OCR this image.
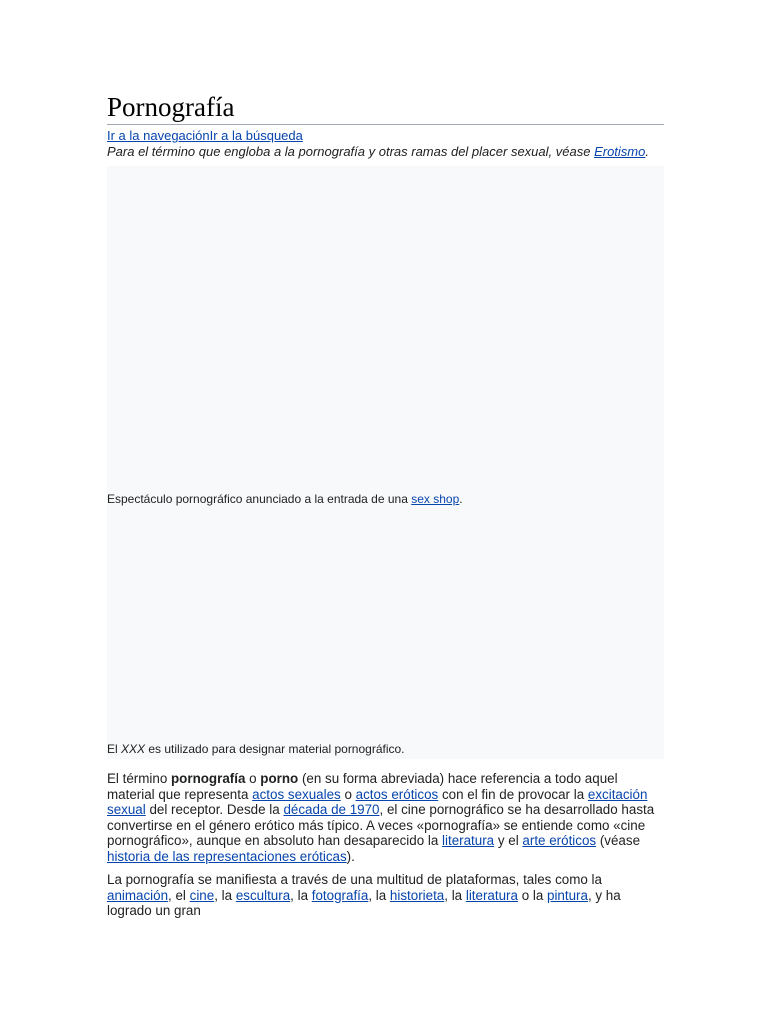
Pornografía
Ir a la navegaciónIr a la búsqueda
Para el término que engloba a la pornografía y otras ramas del placer sexual, véase Erotismo.
Espectáculo pornográfico anunciado a la entrada de una sex shop.
El XXX es utilizado para designar material pornográfico.
El término pornografía o porno (en su forma abreviada) hace referencia a todo aquel material que representa actos sexuales o actos eróticos con el fin de provocar la excitación sexual del receptor. Desde la década de 1970, el cine pornográfico se ha desarrollado hasta convertirse en el género erótico más típico. A veces «pornografía» se entiende como «cine pornográfico», aunque en absoluto han desaparecido la literatura y el arte eróticos (véase historia de las representaciones eróticas).
La pornografía se manifiesta a través de una multitud de plataformas, tales como la animación, el cine, la escultura, la fotografía, la historieta, la literatura o la pintura, y ha logrado un gran
